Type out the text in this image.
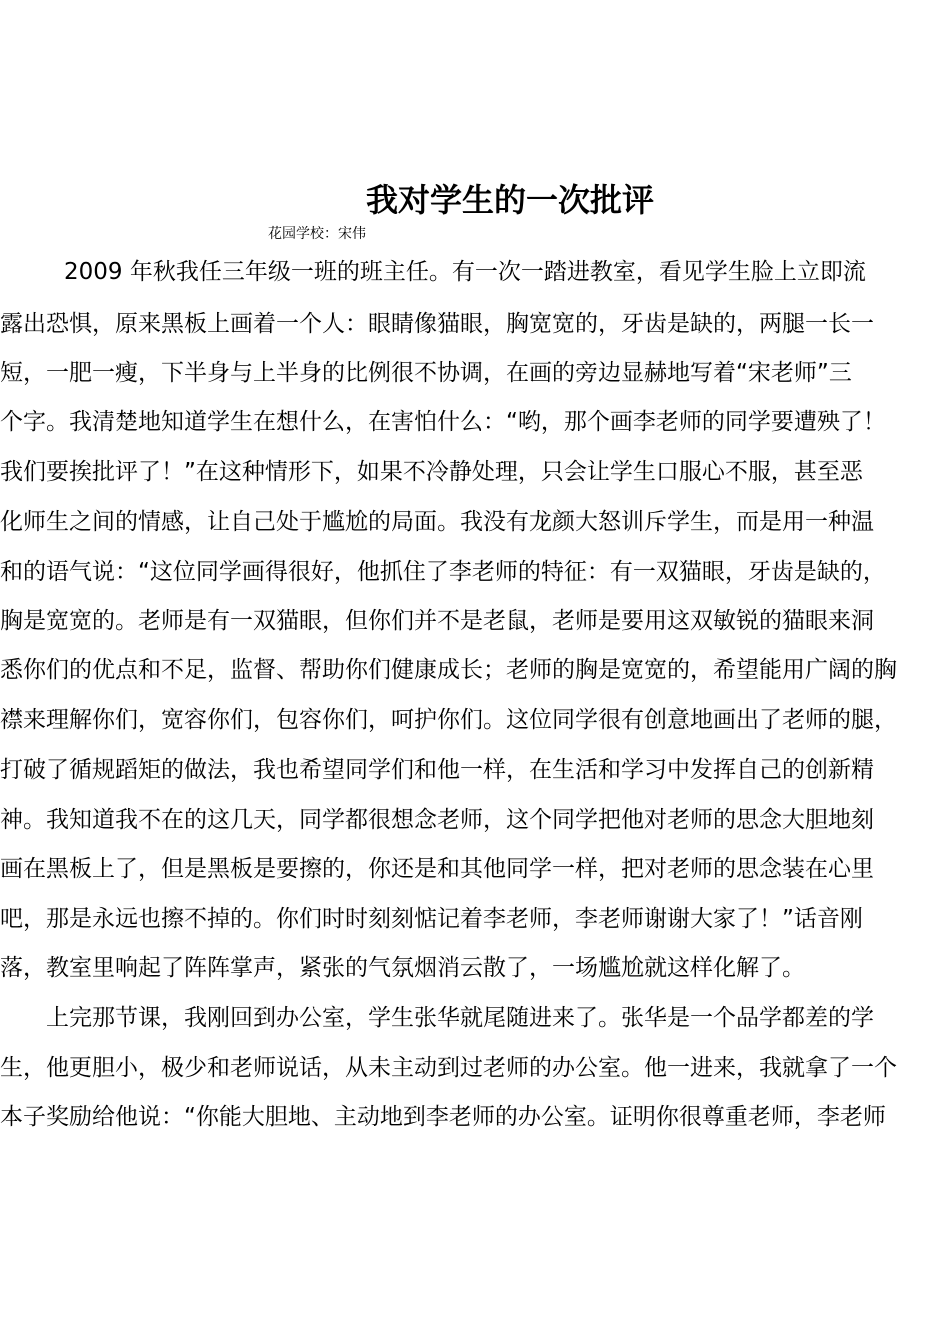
我对学生的一次批评
花园学校：宋伟
2009 年秋我任三年级一班的班主任。有一次一踏进教室，看见学生脸上立即流
露出恐惧，原来黑板上画着一个人：眼睛像猫眼，胸宽宽的，牙齿是缺的，两腿一长一
短，一肥一瘦，下半身与上半身的比例很不协调，在画的旁边显赫地写着“宋老师”三
个字。我清楚地知道学生在想什么，在害怕什么：“哟，那个画李老师的同学要遭殃了！
我们要挨批评了！”在这种情形下，如果不冷静处理，只会让学生口服心不服，甚至恶
化师生之间的情感，让自己处于尴尬的局面。我没有龙颜大怒训斥学生，而是用一种温
和的语气说：“这位同学画得很好，他抓住了李老师的特征：有一双猫眼，牙齿是缺的，
胸是宽宽的。老师是有一双猫眼，但你们并不是老鼠，老师是要用这双敏锐的猫眼来洞
悉你们的优点和不足，监督、帮助你们健康成长；老师的胸是宽宽的，希望能用广阔的胸
襟来理解你们，宽容你们，包容你们，呵护你们。这位同学很有创意地画出了老师的腿，
打破了循规蹈矩的做法，我也希望同学们和他一样，在生活和学习中发挥自己的创新精
神。我知道我不在的这几天，同学都很想念老师，这个同学把他对老师的思念大胆地刻
画在黑板上了，但是黑板是要擦的，你还是和其他同学一样，把对老师的思念装在心里
吧，那是永远也擦不掉的。你们时时刻刻惦记着李老师，李老师谢谢大家了！”话音刚
落，教室里响起了阵阵掌声，紧张的气氛烟消云散了，一场尴尬就这样化解了。
上完那节课，我刚回到办公室，学生张华就尾随进来了。张华是一个品学都差的学
生，他更胆小，极少和老师说话，从未主动到过老师的办公室。他一进来，我就拿了一个
本子奖励给他说：“你能大胆地、主动地到李老师的办公室。证明你很尊重老师，李老师
